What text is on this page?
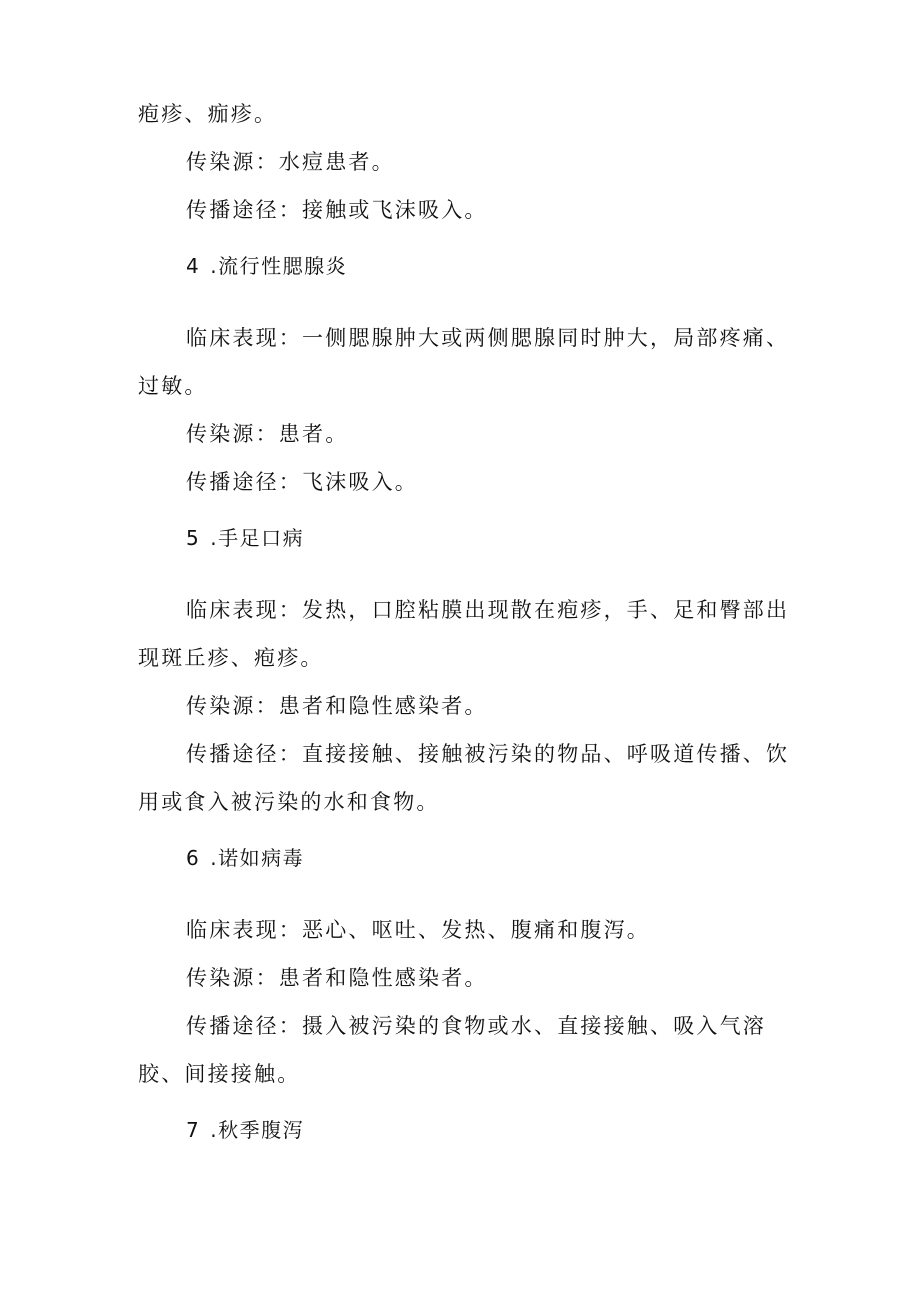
疱疹、痂疹。
传染源：水痘患者。
传播途径：接触或飞沫吸入。
4 .流行性腮腺炎
临床表现：一侧腮腺肿大或两侧腮腺同时肿大，局部疼痛、
过敏。
传染源：患者。
传播途径：飞沫吸入。
5 .手足口病
临床表现：发热，口腔粘膜出现散在疱疹，手、足和臀部出
现斑丘疹、疱疹。
传染源：患者和隐性感染者。
传播途径：直接接触、接触被污染的物品、呼吸道传播、饮
用或食入被污染的水和食物。
6 .诺如病毒
临床表现：恶心、呕吐、发热、腹痛和腹泻。
传染源：患者和隐性感染者。
传播途径：摄入被污染的食物或水、直接接触、吸入气溶
胶、间接接触。
7 .秋季腹泻
